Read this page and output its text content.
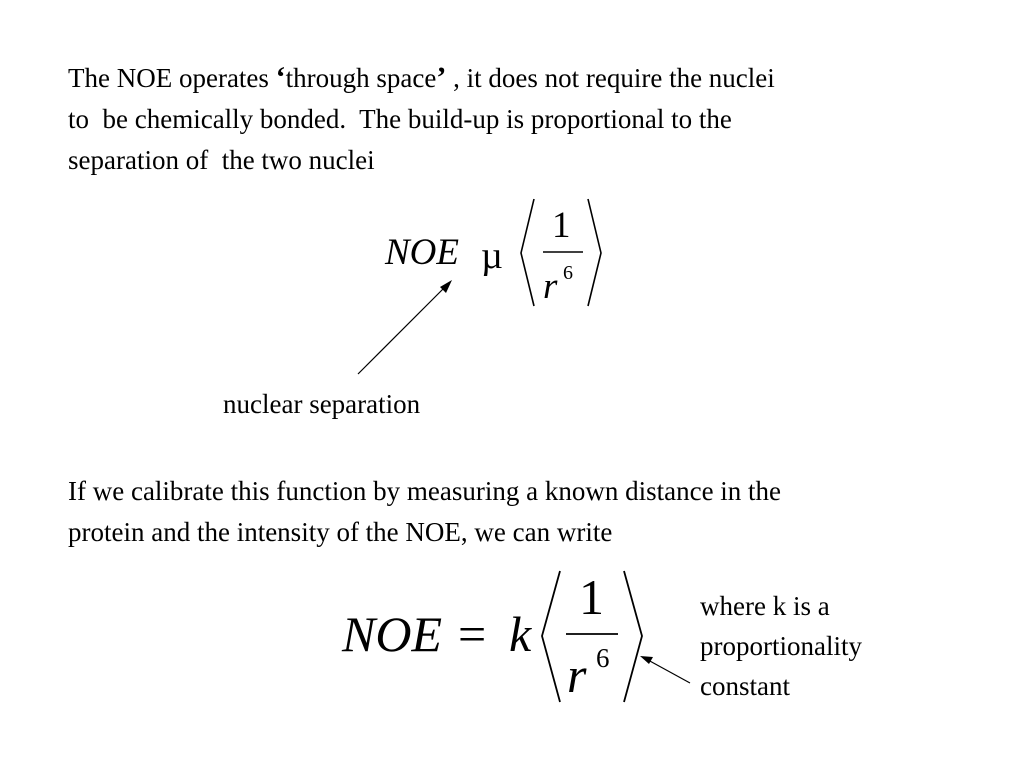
The NOE operates ‘through space’ , it does not require the nuclei
to  be chemically bonded.  The build-up is proportional to the
separation of  the two nuclei

NOE µ
1
r 6
NOE = k
1
r 6

nuclear separation

If we calibrate this function by measuring a known distance in the
protein and the intensity of the NOE, we can write

where k is a
proportionality
constant
